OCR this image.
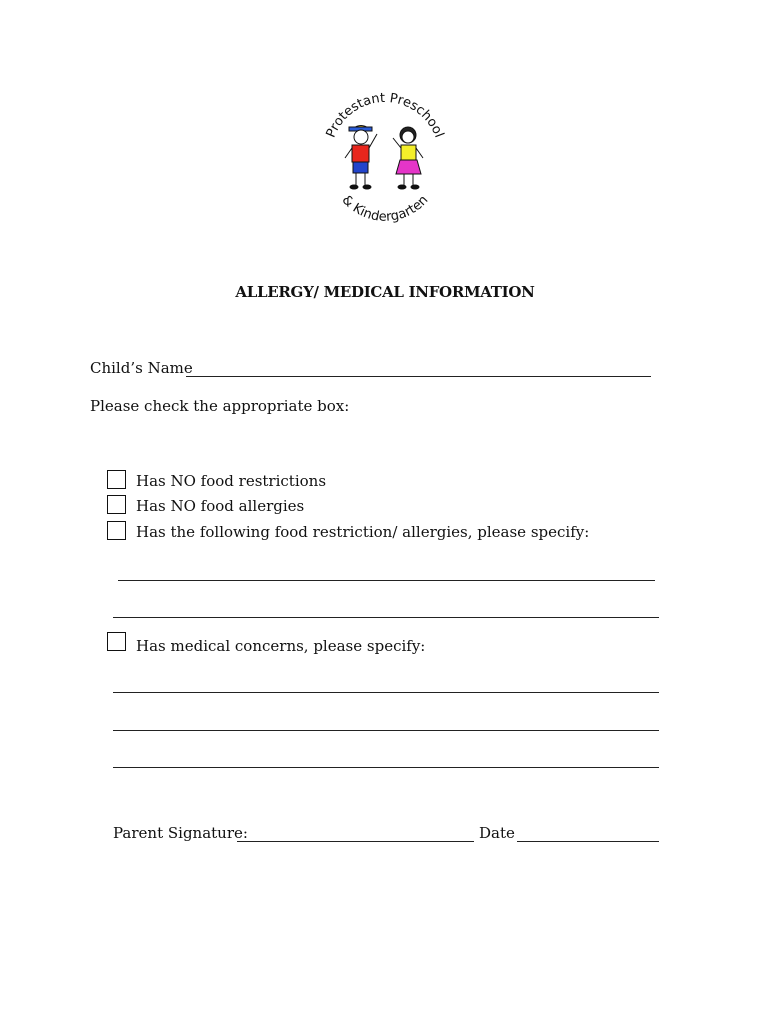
Protestant Preschool
& Kindergarten
ALLERGY/ MEDICAL INFORMATION
Child’s Name
Please check the appropriate box:
Has NO food restrictions
Has NO food allergies
Has the following food restriction/ allergies, please specify:
Has medical concerns, please specify:
Parent Signature:	Date
